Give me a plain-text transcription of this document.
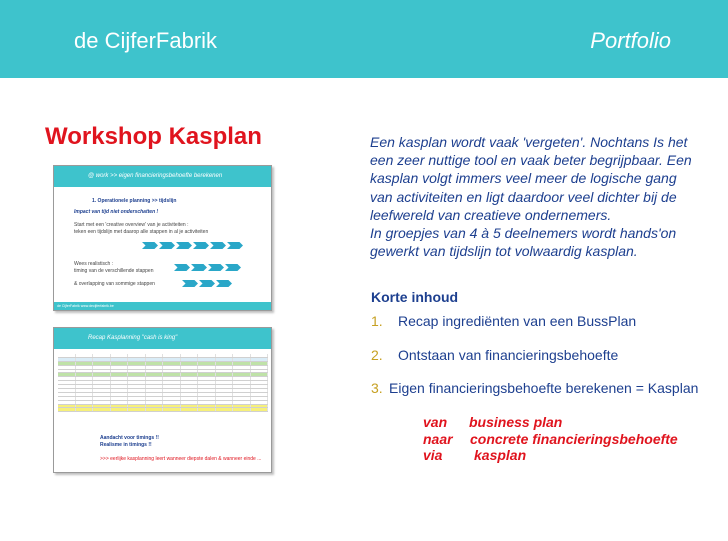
de CijferFabrik	Portfolio
Workshop Kasplan
@ work >> eigen financieringsbehoefte berekenen
1. Operationele planning >> tijdslijn
Impact van tijd niet onderschatten !
Start met een 'creative overview' van je activiteiten :
teken een tijdslijn met daarop alle stappen in al je activiteiten
Wees realistisch :
timing van de verschillende stappen
& overlapping van sommige stappen
de CijferFabrik www.decijferfabrik.be
Recap Kasplanning "cash is king"
Aandacht voor timings !!
Realisme in timings !!
>>> eerlijke kasplanning leert wanneer diepste dalen & wanneer einde ...
Een kasplan wordt vaak 'vergeten'. Nochtans Is het een zeer nuttige tool en vaak beter begrijpbaar. Een kasplan volgt immers veel meer de logische gang van activiteiten en ligt daardoor veel dichter bij de leefwereld van creatieve ondernemers.
In groepjes van 4 à 5 deelnemers wordt hands'on gewerkt van tijdslijn tot volwaardig kasplan.
Korte inhoud
1. Recap ingrediënten van een BussPlan
2. Ontstaan van financieringsbehoefte
3. Eigen financieringsbehoefte berekenen = Kasplan
van business plan
naar concrete financieringsbehoefte
via kasplan
